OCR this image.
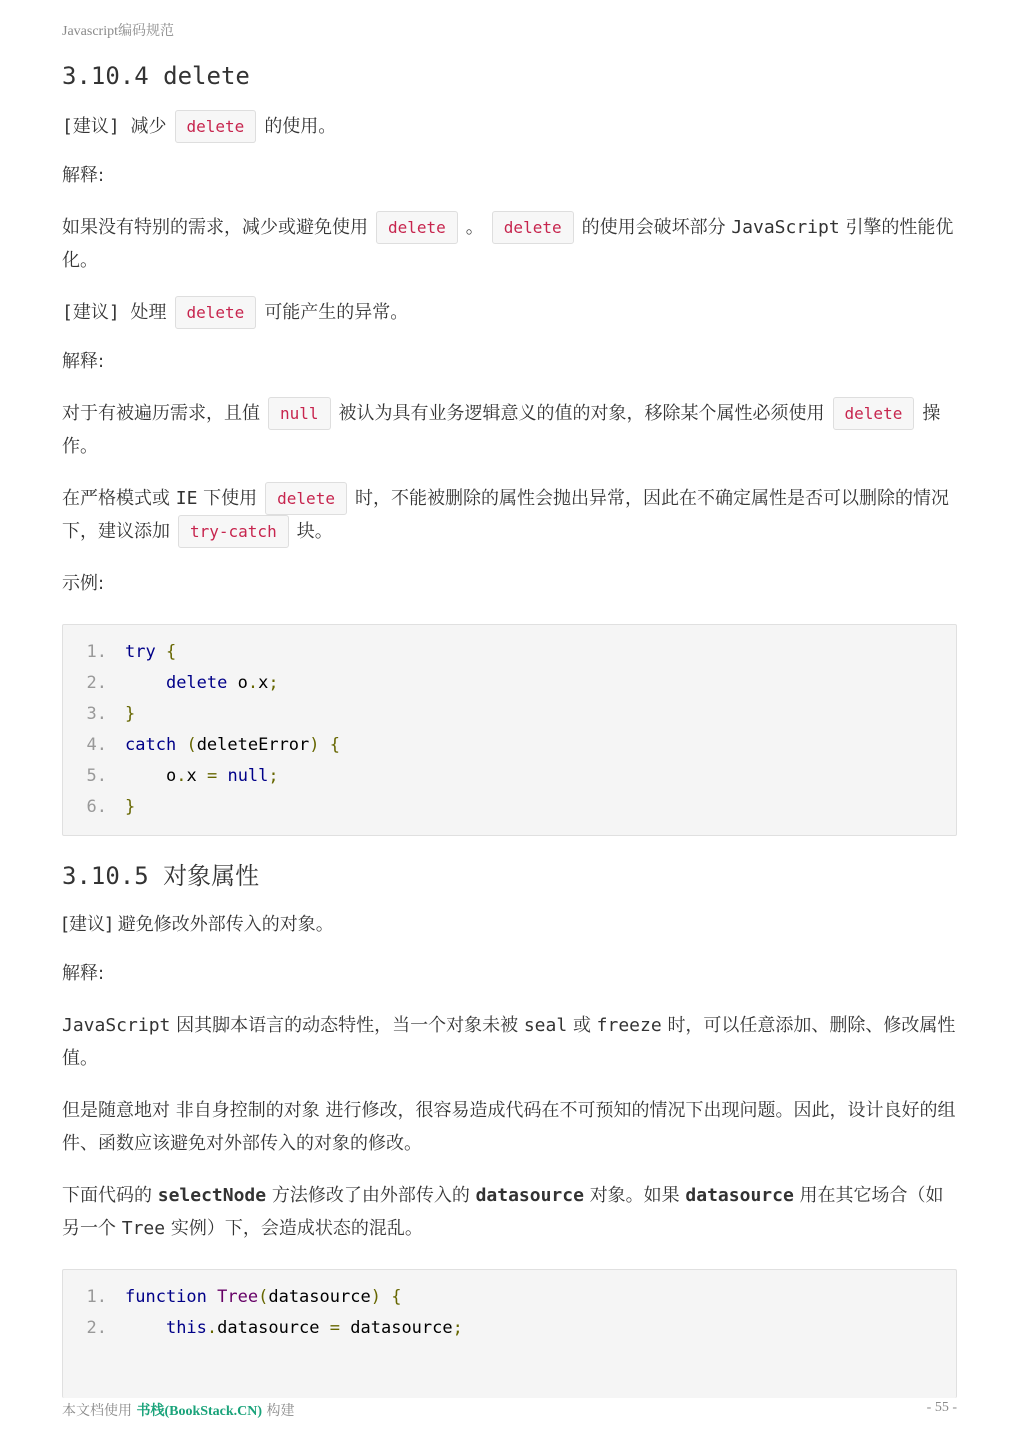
Javascript编码规范
3.10.4 delete

[建议] 减少 delete 的使用。

解释:

如果没有特别的需求，减少或避免使用 delete 。 delete 的使用会破坏部分 JavaScript 引擎的性能优化。

[建议] 处理 delete 可能产生的异常。

解释:

对于有被遍历需求，且值 null 被认为具有业务逻辑意义的值的对象，移除某个属性必须使用 delete 操作。

在严格模式或 IE 下使用 delete 时，不能被删除的属性会抛出异常，因此在不确定属性是否可以删除的情况下，建议添加 try-catch 块。

示例:

1. try {
2.	delete o.x;
3. }
4. catch (deleteError) {
5.	o.x = null;
6. }
3.10.5 对象属性

[建议] 避免修改外部传入的对象。

解释:

JavaScript 因其脚本语言的动态特性，当一个对象未被 seal 或 freeze 时，可以任意添加、删除、修改属性值。

但是随意地对 非自身控制的对象 进行修改，很容易造成代码在不可预知的情况下出现问题。因此，设计良好的组件、函数应该避免对外部传入的对象的修改。

下面代码的 selectNode 方法修改了由外部传入的 datasource 对象。如果 datasource 用在其它场合（如另一个 Tree 实例）下，会造成状态的混乱。

1. function Tree(datasource) {
2.	this.datasource = datasource;
本文档使用 书栈(BookStack.CN) 构建	- 55 -
